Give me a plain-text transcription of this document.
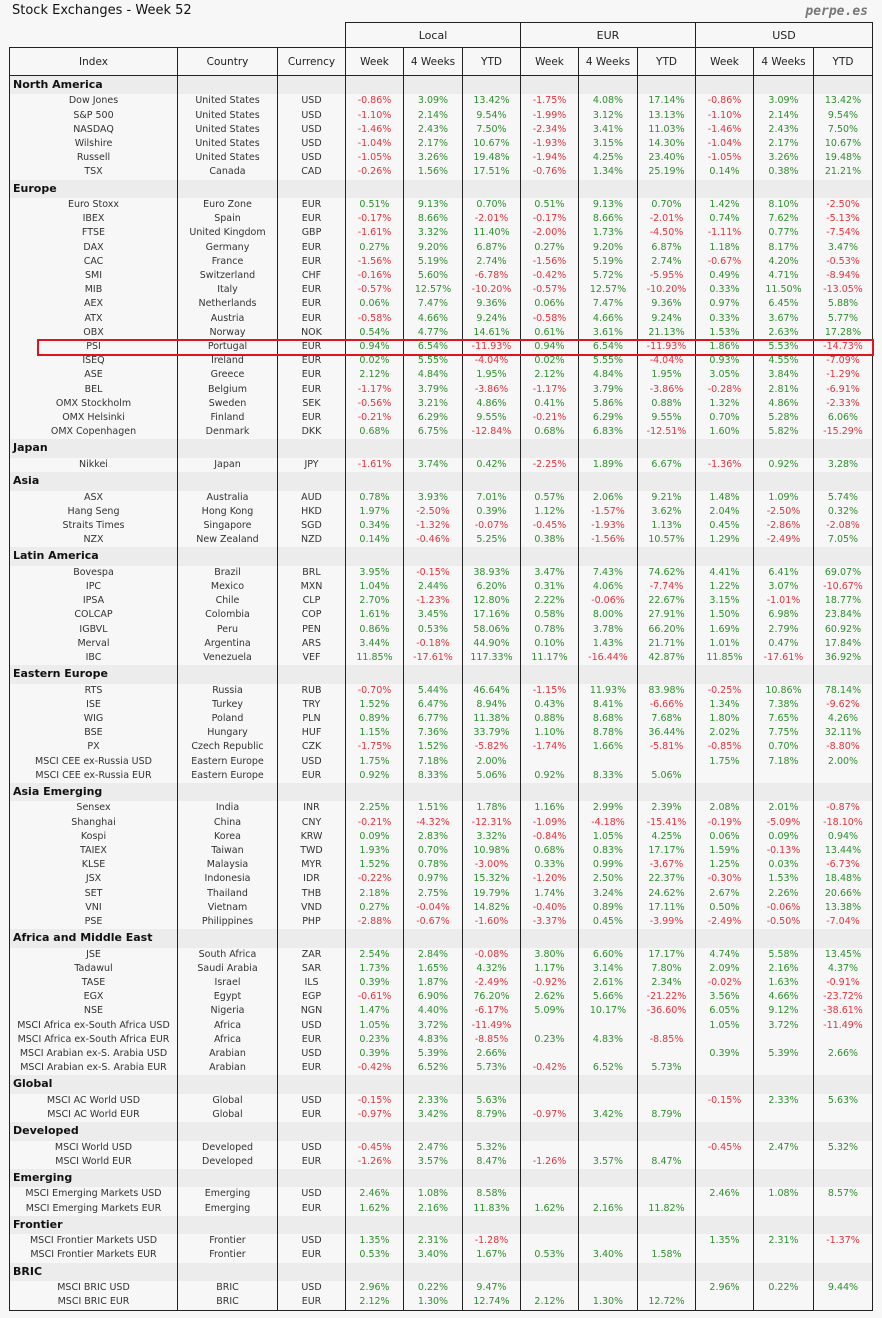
Stock Exchanges - Week 52	perpe.es
			Local			EUR			USD		
Index	Country	Currency	Week	4 Weeks	YTD	Week	4 Weeks	YTD	Week	4 Weeks	YTD
North America											
Dow Jones	United States	USD	-0.86%	3.09%	13.42%	-1.75%	4.08%	17.14%	-0.86%	3.09%	13.42%
S&P 500	United States	USD	-1.10%	2.14%	9.54%	-1.99%	3.12%	13.13%	-1.10%	2.14%	9.54%
NASDAQ	United States	USD	-1.46%	2.43%	7.50%	-2.34%	3.41%	11.03%	-1.46%	2.43%	7.50%
Wilshire	United States	USD	-1.04%	2.17%	10.67%	-1.93%	3.15%	14.30%	-1.04%	2.17%	10.67%
Russell	United States	USD	-1.05%	3.26%	19.48%	-1.94%	4.25%	23.40%	-1.05%	3.26%	19.48%
TSX	Canada	CAD	-0.26%	1.56%	17.51%	-0.76%	1.34%	25.19%	0.14%	0.38%	21.21%
Europe											
Euro Stoxx	Euro Zone	EUR	0.51%	9.13%	0.70%	0.51%	9.13%	0.70%	1.42%	8.10%	-2.50%
IBEX	Spain	EUR	-0.17%	8.66%	-2.01%	-0.17%	8.66%	-2.01%	0.74%	7.62%	-5.13%
FTSE	United Kingdom	GBP	-1.61%	3.32%	11.40%	-2.00%	1.73%	-4.50%	-1.11%	0.77%	-7.54%
DAX	Germany	EUR	0.27%	9.20%	6.87%	0.27%	9.20%	6.87%	1.18%	8.17%	3.47%
CAC	France	EUR	-1.56%	5.19%	2.74%	-1.56%	5.19%	2.74%	-0.67%	4.20%	-0.53%
SMI	Switzerland	CHF	-0.16%	5.60%	-6.78%	-0.42%	5.72%	-5.95%	0.49%	4.71%	-8.94%
MIB	Italy	EUR	-0.57%	12.57%	-10.20%	-0.57%	12.57%	-10.20%	0.33%	11.50%	-13.05%
AEX	Netherlands	EUR	0.06%	7.47%	9.36%	0.06%	7.47%	9.36%	0.97%	6.45%	5.88%
ATX	Austria	EUR	-0.58%	4.66%	9.24%	-0.58%	4.66%	9.24%	0.33%	3.67%	5.77%
OBX	Norway	NOK	0.54%	4.77%	14.61%	0.61%	3.61%	21.13%	1.53%	2.63%	17.28%
PSI	Portugal	EUR	0.94%	6.54%	-11.93%	0.94%	6.54%	-11.93%	1.86%	5.53%	-14.73%
ISEQ	Ireland	EUR	0.02%	5.55%	-4.04%	0.02%	5.55%	-4.04%	0.93%	4.55%	-7.09%
ASE	Greece	EUR	2.12%	4.84%	1.95%	2.12%	4.84%	1.95%	3.05%	3.84%	-1.29%
BEL	Belgium	EUR	-1.17%	3.79%	-3.86%	-1.17%	3.79%	-3.86%	-0.28%	2.81%	-6.91%
OMX Stockholm	Sweden	SEK	-0.56%	3.21%	4.86%	0.41%	5.86%	0.88%	1.32%	4.86%	-2.33%
OMX Helsinki	Finland	EUR	-0.21%	6.29%	9.55%	-0.21%	6.29%	9.55%	0.70%	5.28%	6.06%
OMX Copenhagen	Denmark	DKK	0.68%	6.75%	-12.84%	0.68%	6.83%	-12.51%	1.60%	5.82%	-15.29%
Japan											
Nikkei	Japan	JPY	-1.61%	3.74%	0.42%	-2.25%	1.89%	6.67%	-1.36%	0.92%	3.28%
Asia											
ASX	Australia	AUD	0.78%	3.93%	7.01%	0.57%	2.06%	9.21%	1.48%	1.09%	5.74%
Hang Seng	Hong Kong	HKD	1.97%	-2.50%	0.39%	1.12%	-1.57%	3.62%	2.04%	-2.50%	0.32%
Straits Times	Singapore	SGD	0.34%	-1.32%	-0.07%	-0.45%	-1.93%	1.13%	0.45%	-2.86%	-2.08%
NZX	New Zealand	NZD	0.14%	-0.46%	5.25%	0.38%	-1.56%	10.57%	1.29%	-2.49%	7.05%
Latin America											
Bovespa	Brazil	BRL	3.95%	-0.15%	38.93%	3.47%	7.43%	74.62%	4.41%	6.41%	69.07%
IPC	Mexico	MXN	1.04%	2.44%	6.20%	0.31%	4.06%	-7.74%	1.22%	3.07%	-10.67%
IPSA	Chile	CLP	2.70%	-1.23%	12.80%	2.22%	-0.06%	22.67%	3.15%	-1.01%	18.77%
COLCAP	Colombia	COP	1.61%	3.45%	17.16%	0.58%	8.00%	27.91%	1.50%	6.98%	23.84%
IGBVL	Peru	PEN	0.86%	0.53%	58.06%	0.78%	3.78%	66.20%	1.69%	2.79%	60.92%
Merval	Argentina	ARS	3.44%	-0.18%	44.90%	0.10%	1.43%	21.71%	1.01%	0.47%	17.84%
IBC	Venezuela	VEF	11.85%	-17.61%	117.33%	11.17%	-16.44%	42.87%	11.85%	-17.61%	36.92%
Eastern Europe											
RTS	Russia	RUB	-0.70%	5.44%	46.64%	-1.15%	11.93%	83.98%	-0.25%	10.86%	78.14%
ISE	Turkey	TRY	1.52%	6.47%	8.94%	0.43%	8.41%	-6.66%	1.34%	7.38%	-9.62%
WIG	Poland	PLN	0.89%	6.77%	11.38%	0.88%	8.68%	7.68%	1.80%	7.65%	4.26%
BSE	Hungary	HUF	1.15%	7.36%	33.79%	1.10%	8.78%	36.44%	2.02%	7.75%	32.11%
PX	Czech Republic	CZK	-1.75%	1.52%	-5.82%	-1.74%	1.66%	-5.81%	-0.85%	0.70%	-8.80%
MSCI CEE ex-Russia USD	Eastern Europe	USD	1.75%	7.18%	2.00%				1.75%	7.18%	2.00%
MSCI CEE ex-Russia EUR	Eastern Europe	EUR	0.92%	8.33%	5.06%	0.92%	8.33%	5.06%			
Asia Emerging											
Sensex	India	INR	2.25%	1.51%	1.78%	1.16%	2.99%	2.39%	2.08%	2.01%	-0.87%
Shanghai	China	CNY	-0.21%	-4.32%	-12.31%	-1.09%	-4.18%	-15.41%	-0.19%	-5.09%	-18.10%
Kospi	Korea	KRW	0.09%	2.83%	3.32%	-0.84%	1.05%	4.25%	0.06%	0.09%	0.94%
TAIEX	Taiwan	TWD	1.93%	0.70%	10.98%	0.68%	0.83%	17.17%	1.59%	-0.13%	13.44%
KLSE	Malaysia	MYR	1.52%	0.78%	-3.00%	0.33%	0.99%	-3.67%	1.25%	0.03%	-6.73%
JSX	Indonesia	IDR	-0.22%	0.97%	15.32%	-1.20%	2.50%	22.37%	-0.30%	1.53%	18.48%
SET	Thailand	THB	2.18%	2.75%	19.79%	1.74%	3.24%	24.62%	2.67%	2.26%	20.66%
VNI	Vietnam	VND	0.27%	-0.04%	14.82%	-0.40%	0.89%	17.11%	0.50%	-0.06%	13.38%
PSE	Philippines	PHP	-2.88%	-0.67%	-1.60%	-3.37%	0.45%	-3.99%	-2.49%	-0.50%	-7.04%
Africa and Middle East											
JSE	South Africa	ZAR	2.54%	2.84%	-0.08%	3.80%	6.60%	17.17%	4.74%	5.58%	13.45%
Tadawul	Saudi Arabia	SAR	1.73%	1.65%	4.32%	1.17%	3.14%	7.80%	2.09%	2.16%	4.37%
TASE	Israel	ILS	0.39%	1.87%	-2.49%	-0.92%	2.61%	2.34%	-0.02%	1.63%	-0.91%
EGX	Egypt	EGP	-0.61%	6.90%	76.20%	2.62%	5.66%	-21.22%	3.56%	4.66%	-23.72%
NSE	Nigeria	NGN	1.47%	4.40%	-6.17%	5.09%	10.17%	-36.60%	6.05%	9.12%	-38.61%
MSCI Africa ex-South Africa USD	Africa	USD	1.05%	3.72%	-11.49%				1.05%	3.72%	-11.49%
MSCI Africa ex-South Africa EUR	Africa	EUR	0.23%	4.83%	-8.85%	0.23%	4.83%	-8.85%			
MSCI Arabian ex-S. Arabia USD	Arabian	USD	0.39%	5.39%	2.66%				0.39%	5.39%	2.66%
MSCI Arabian ex-S. Arabia EUR	Arabian	EUR	-0.42%	6.52%	5.73%	-0.42%	6.52%	5.73%			
Global											
MSCI AC World USD	Global	USD	-0.15%	2.33%	5.63%				-0.15%	2.33%	5.63%
MSCI AC World EUR	Global	EUR	-0.97%	3.42%	8.79%	-0.97%	3.42%	8.79%			
Developed											
MSCI World USD	Developed	USD	-0.45%	2.47%	5.32%				-0.45%	2.47%	5.32%
MSCI World EUR	Developed	EUR	-1.26%	3.57%	8.47%	-1.26%	3.57%	8.47%			
Emerging											
MSCI Emerging Markets USD	Emerging	USD	2.46%	1.08%	8.58%				2.46%	1.08%	8.57%
MSCI Emerging Markets EUR	Emerging	EUR	1.62%	2.16%	11.83%	1.62%	2.16%	11.82%			
Frontier											
MSCI Frontier Markets USD	Frontier	USD	1.35%	2.31%	-1.28%				1.35%	2.31%	-1.37%
MSCI Frontier Markets EUR	Frontier	EUR	0.53%	3.40%	1.67%	0.53%	3.40%	1.58%			
BRIC											
MSCI BRIC USD	BRIC	USD	2.96%	0.22%	9.47%				2.96%	0.22%	9.44%
MSCI BRIC EUR	BRIC	EUR	2.12%	1.30%	12.74%	2.12%	1.30%	12.72%			
